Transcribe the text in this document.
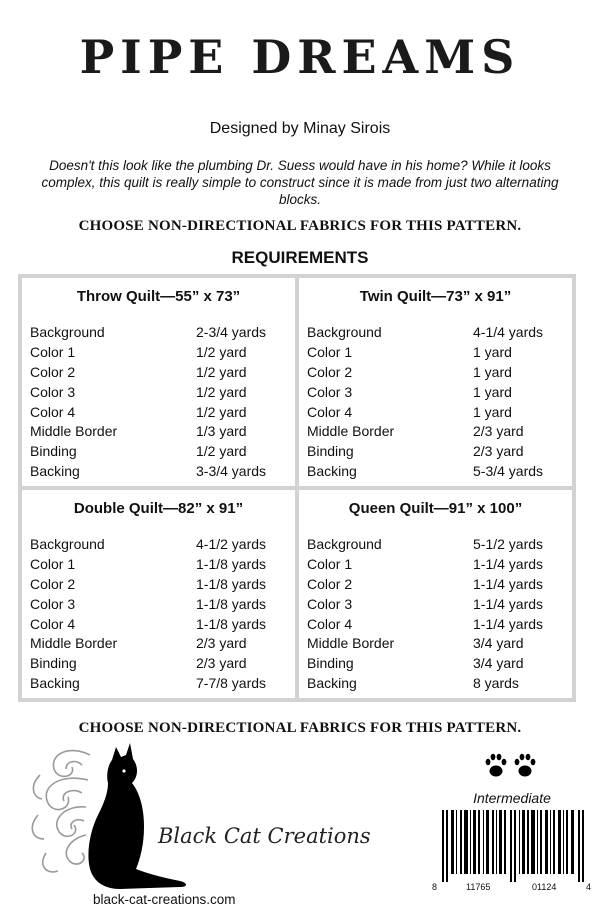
PIPE DREAMS
Designed by Minay Sirois
Doesn't this look like the plumbing Dr. Suess would have in his home? While it looks complex, this quilt is really simple to construct since it is made from just two alternating blocks.
CHOOSE NON-DIRECTIONAL FABRICS FOR THIS PATTERN.
REQUIREMENTS
Throw Quilt—55” x 73”
Background	2-3/4 yards
Color 1	1/2 yard
Color 2	1/2 yard
Color 3	1/2 yard
Color 4	1/2 yard
Middle Border	1/3 yard
Binding	1/2 yard
Backing	3-3/4 yards
Twin Quilt—73” x 91”
Background	4-1/4 yards
Color 1	1 yard
Color 2	1 yard
Color 3	1 yard
Color 4	1 yard
Middle Border	2/3 yard
Binding	2/3 yard
Backing	5-3/4 yards
Double Quilt—82” x 91”
Background	4-1/2 yards
Color 1	1-1/8 yards
Color 2	1-1/8 yards
Color 3	1-1/8 yards
Color 4	1-1/8 yards
Middle Border	2/3 yard
Binding	2/3 yard
Backing	7-7/8 yards
Queen Quilt—91” x 100”
Background	5-1/2 yards
Color 1	1-1/4 yards
Color 2	1-1/4 yards
Color 3	1-1/4 yards
Color 4	1-1/4 yards
Middle Border	3/4 yard
Binding	3/4 yard
Backing	8 yards
CHOOSE NON-DIRECTIONAL FABRICS FOR THIS PATTERN.
Black Cat Creations
black-cat-creations.com
Intermediate
8	11765	01124	4
